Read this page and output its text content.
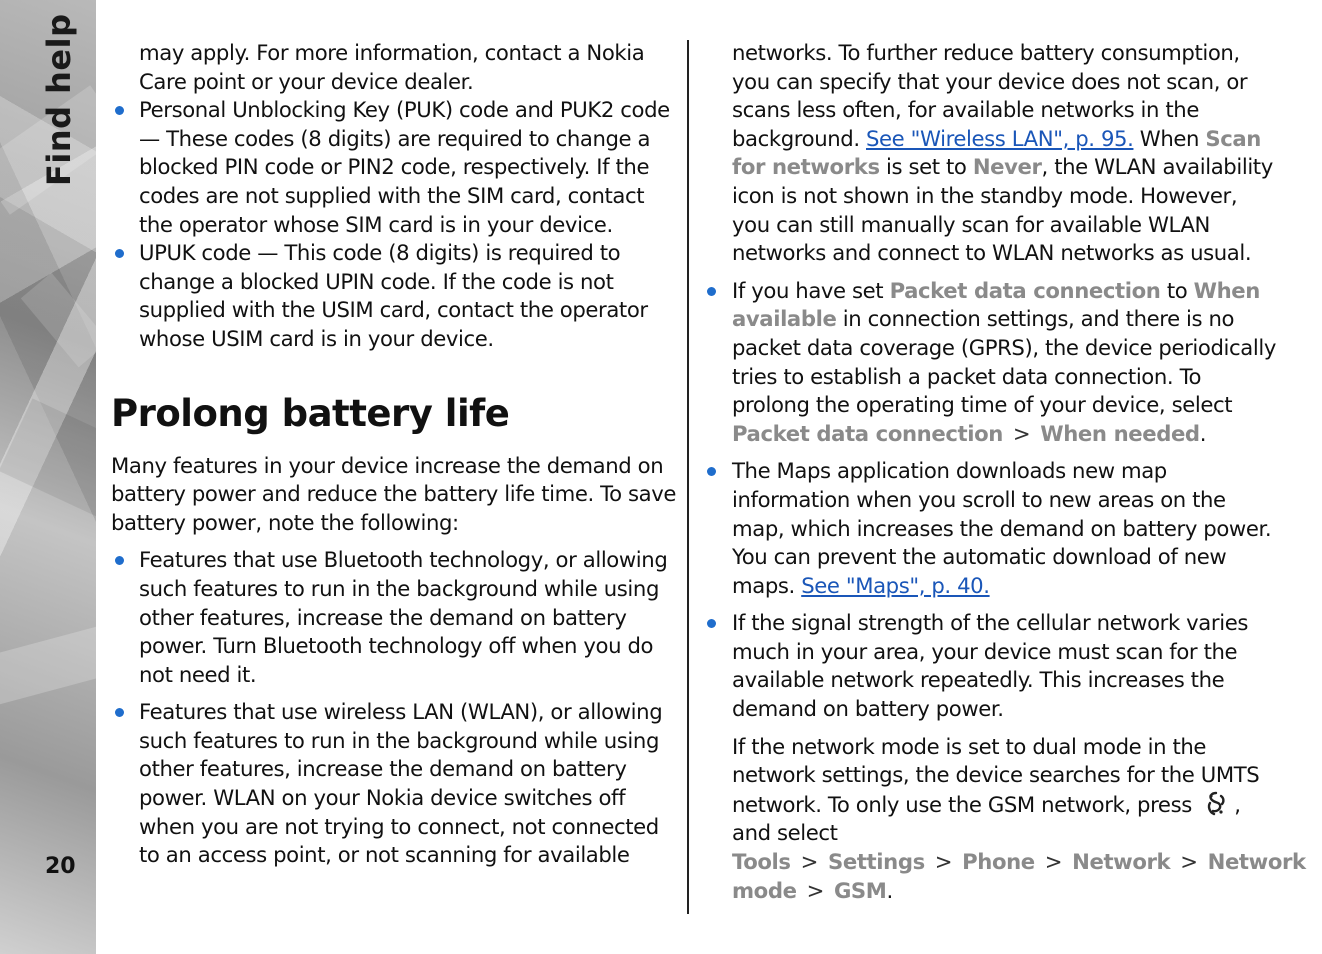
Find help
20

may apply. For more information, contact a Nokia Care point or your device dealer.

Personal Unblocking Key (PUK) code and PUK2 code — These codes (8 digits) are required to change a blocked PIN code or PIN2 code, respectively. If the codes are not supplied with the SIM card, contact the operator whose SIM card is in your device.
UPUK code — This code (8 digits) is required to change a blocked UPIN code. If the code is not supplied with the USIM card, contact the operator whose USIM card is in your device.
Prolong battery life

Many features in your device increase the demand on battery power and reduce the battery life time. To save battery power, note the following:

Features that use Bluetooth technology, or allowing such features to run in the background while using other features, increase the demand on battery power. Turn Bluetooth technology off when you do not need it.
Features that use wireless LAN (WLAN), or allowing such features to run in the background while using other features, increase the demand on battery power. WLAN on your Nokia device switches off when you are not trying to connect, not connected to an access point, or not scanning for available

networks. To further reduce battery consumption, you can specify that your device does not scan, or scans less often, for available networks in the background. See "Wireless LAN", p. 95. When Scan for networks is set to Never, the WLAN availability icon is not shown in the standby mode. However, you can still manually scan for available WLAN networks and connect to WLAN networks as usual.

If you have set Packet data connection to When available in connection settings, and there is no packet data coverage (GPRS), the device periodically tries to establish a packet data connection. To prolong the operating time of your device, select Packet data connection > When needed.
The Maps application downloads new map information when you scroll to new areas on the map, which increases the demand on battery power. You can prevent the automatic download of new maps. See "Maps", p. 40.
If the signal strength of the cellular network varies much in your area, your device must scan for the available network repeatedly. This increases the demand on battery power.

If the network mode is set to dual mode in the network settings, the device searches for the UMTS network. To only use the GSM network, press , and select Tools > Settings > Phone > Network > Network mode > GSM.
